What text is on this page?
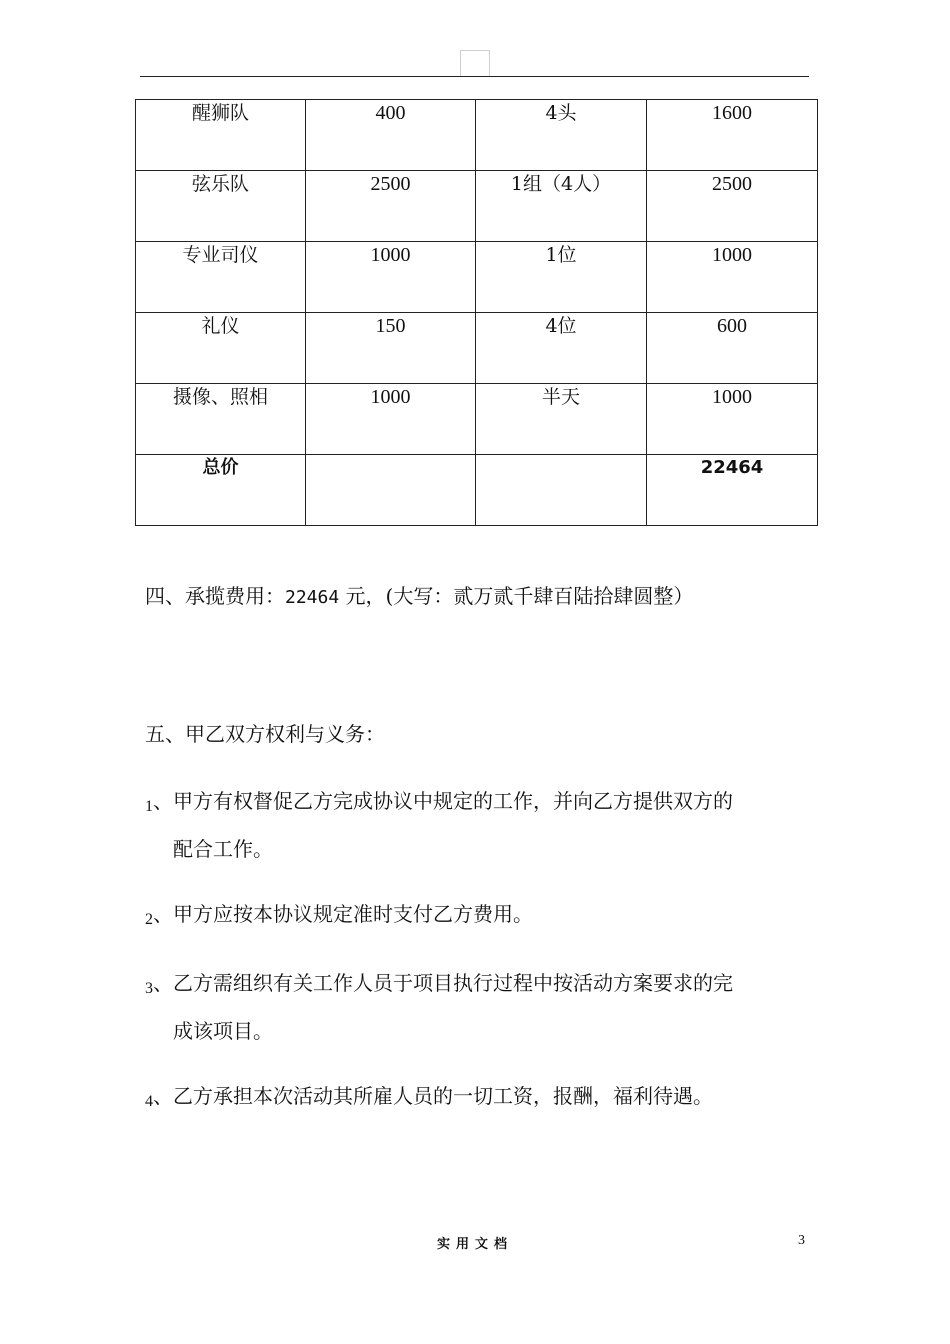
醒狮队	400	4头	1600
弦乐队	2500	1组（4人）	2500
专业司仪	1000	1位	1000
礼仪	150	4位	600
摄像、照相	1000	半天	1000
总价			22464
四、承揽费用：22464 元，(大写：贰万贰千肆百陆拾肆圆整）
五、甲乙双方权利与义务：
1、甲方有权督促乙方完成协议中规定的工作，并向乙方提供双方的
配合工作。
2、甲方应按本协议规定准时支付乙方费用。
3、乙方需组织有关工作人员于项目执行过程中按活动方案要求的完
成该项目。
4、乙方承担本次活动其所雇人员的一切工资，报酬，福利待遇。
实用文档	3
